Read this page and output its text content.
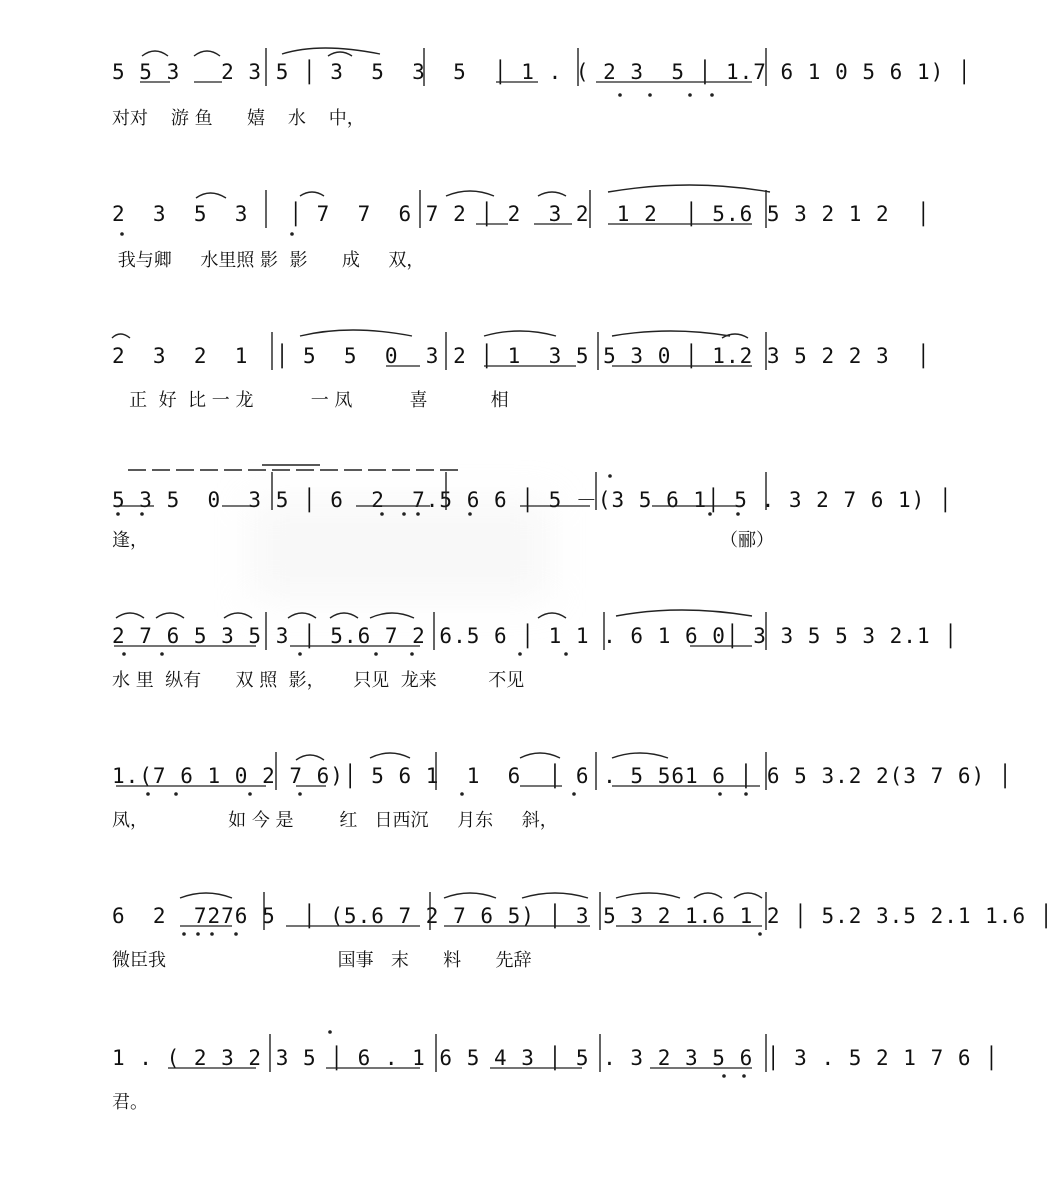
5 5 3   2 3 5 │ 3  5  3  5  │ 1 . ( 2 3  5 │ 1.7 6 1 0 5 6 1) │
对对    游 鱼      嬉    水    中，
2  3  5  3   │ 7  7  6 7 2 │ 2  3 2  1 2  │ 5.6 5 3 2 1 2  │
我与卿     水里照 影  影      成     双，
2  3  2  1  │ 5  5  0  3 2 │ 1  3 5 5 3 0 │ 1.2 3 5 2 2 3  │
正  好  比 一 龙          一 凤          喜           相
5 3 5  0  3 5 │ 6  2  7.5 6 6 │ 5 －(3 5 6 1│ 5 . 3 2 7 6 1) │
逢，	（郦）
2 7 6 5 3 5 3 │ 5.6 7 2 6.5 6 │ 1 1 . 6 1 6 0│ 3 3 5 5 3 2.1 │
水 里  纵有      双 照  影，     只见  龙来         不见
1.(7 6 1 0 2 7 6)│ 5 6 1  1  6  │ 6 . 5 561 6 │ 6 5 3.2 2(3 7 6) │
凤，              如 今 是        红   日西沉     月东     斜，
6  2  7276 5  │ (5.6 7 2 7 6 5) │ 3 5 3 2 1.6 1 2 │ 5.2 3.5 2.1 1.6 │
微臣我                              国事   末      料      先辞
1 . ( 2 3 2 3 5 │ 6 . 1 6 5 4 3 │ 5 . 3 2 3 5 6 │ 3 . 5 2 1 7 6 │
君。
